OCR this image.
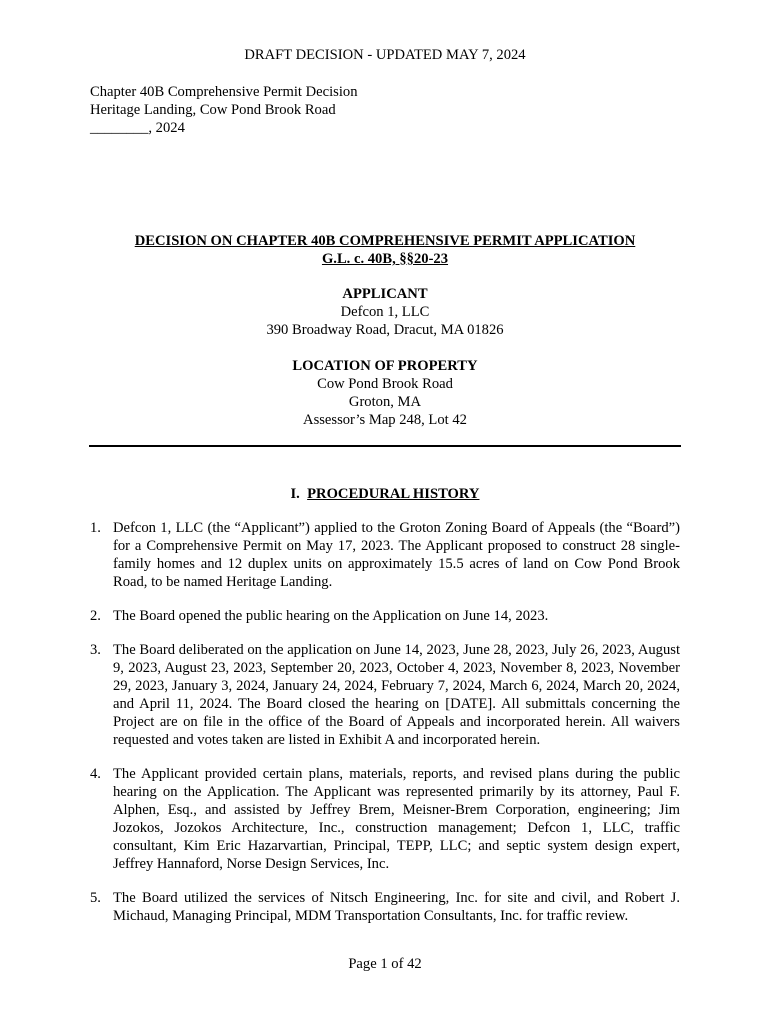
DRAFT DECISION - UPDATED MAY 7, 2024
Chapter 40B Comprehensive Permit Decision
Heritage Landing, Cow Pond Brook Road
________, 2024
DECISION ON CHAPTER 40B COMPREHENSIVE PERMIT APPLICATION
G.L. c. 40B, §§20-23
APPLICANT
Defcon 1, LLC
390 Broadway Road, Dracut, MA 01826
LOCATION OF PROPERTY
Cow Pond Brook Road
Groton, MA
Assessor’s Map 248, Lot 42
I. PROCEDURAL HISTORY
1. Defcon 1, LLC (the “Applicant”) applied to the Groton Zoning Board of Appeals (the “Board”) for a Comprehensive Permit on May 17, 2023. The Applicant proposed to construct 28 single-family homes and 12 duplex units on approximately 15.5 acres of land on Cow Pond Brook Road, to be named Heritage Landing.
2. The Board opened the public hearing on the Application on June 14, 2023.
3. The Board deliberated on the application on June 14, 2023, June 28, 2023, July 26, 2023, August 9, 2023, August 23, 2023, September 20, 2023, October 4, 2023, November 8, 2023, November 29, 2023, January 3, 2024, January 24, 2024, February 7, 2024, March 6, 2024, March 20, 2024, and April 11, 2024. The Board closed the hearing on [DATE]. All submittals concerning the Project are on file in the office of the Board of Appeals and incorporated herein. All waivers requested and votes taken are listed in Exhibit A and incorporated herein.
4. The Applicant provided certain plans, materials, reports, and revised plans during the public hearing on the Application. The Applicant was represented primarily by its attorney, Paul F. Alphen, Esq., and assisted by Jeffrey Brem, Meisner-Brem Corporation, engineering; Jim Jozokos, Jozokos Architecture, Inc., construction management; Defcon 1, LLC, traffic consultant, Kim Eric Hazarvartian, Principal, TEPP, LLC; and septic system design expert, Jeffrey Hannaford, Norse Design Services, Inc.
5. The Board utilized the services of Nitsch Engineering, Inc. for site and civil, and Robert J. Michaud, Managing Principal, MDM Transportation Consultants, Inc. for traffic review.
Page 1 of 42
